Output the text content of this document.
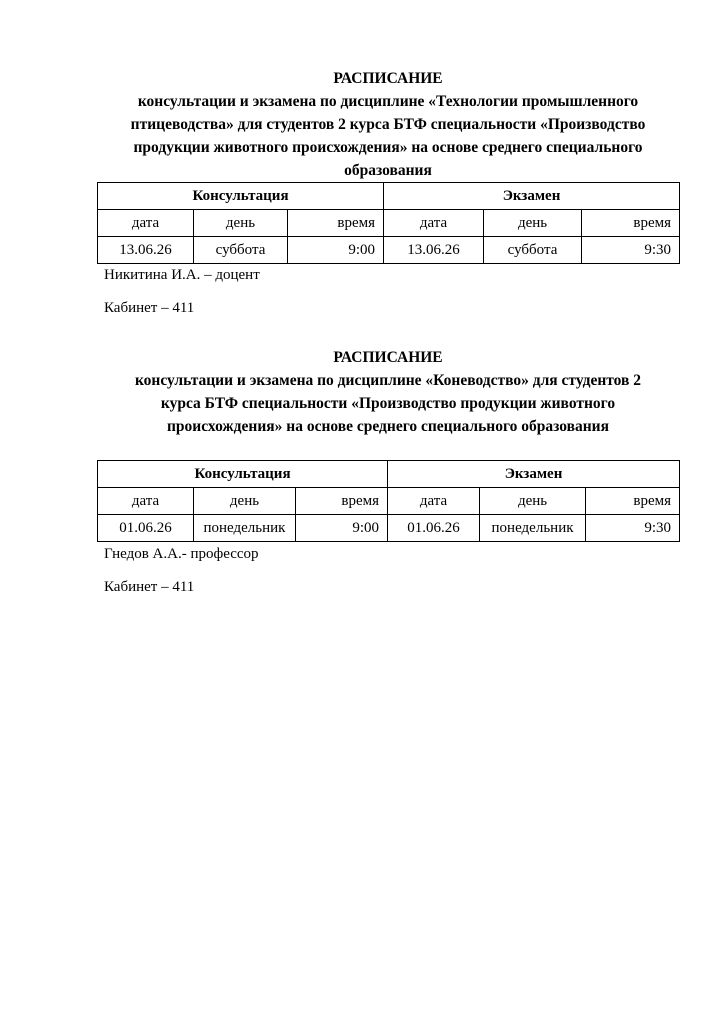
РАСПИСАНИЕ
консультации и экзамена по дисциплине «Технологии промышленного птицеводства» для студентов 2 курса БТФ специальности «Производство продукции животного происхождения» на основе среднего специального образования

Консультация			Экзамен		
дата	день	время	дата	день	время
13.06.26	суббота	9:00	13.06.26	суббота	9:30
Никитина И.А. – доцент
Кабинет – 411

РАСПИСАНИЕ
консультации и экзамена по дисциплине «Коневодство» для студентов 2 курса БТФ специальности «Производство продукции животного происхождения» на основе среднего специального образования

Консультация			Экзамен		
дата	день	время	дата	день	время
01.06.26	понедельник	9:00	01.06.26	понедельник	9:30
Гнедов А.А.- профессор
Кабинет – 411
